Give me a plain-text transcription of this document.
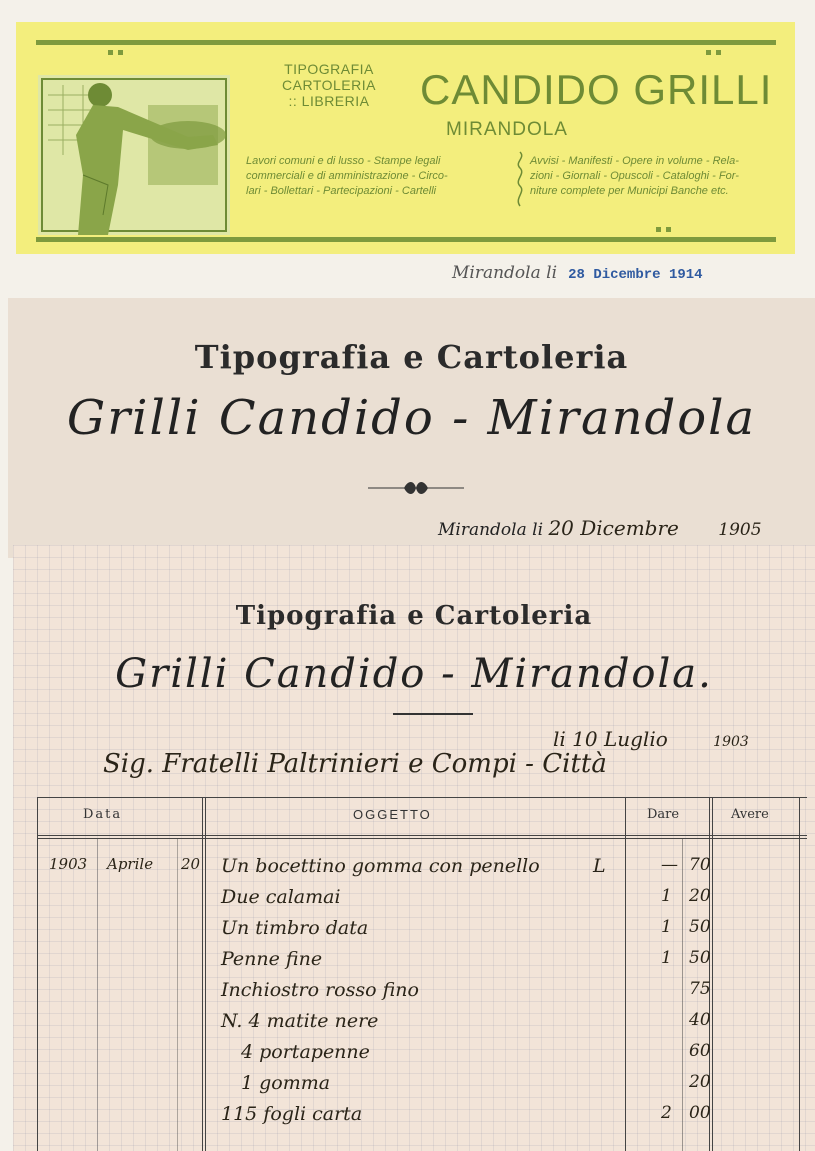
TIPOGRAFIA
CARTOLERIA
:: LIBRERIA	CANDIDO GRILLI
MIRANDOLA
Lavori comuni e di lusso - Stampe legali
commerciali e di amministrazione - Circo-
lari - Bollettari - Partecipazioni - Cartelli
Avvisi - Manifesti - Opere in volume - Rela-
zioni - Giornali - Opuscoli - Cataloghi - For-
niture complete per Municipi Banche etc.
Mirandola li 28 Dicembre 1914
Tipografia e Cartoleria
Grilli Candido - Mirandola
Mirandola li 20 Dicembre 1905
Tipografia e Cartoleria
Grilli Candido - Mirandola.
li 10 Luglio	1903
Sig. Fratelli Paltrinieri e Compi - Città
Data	OGGETTO	Dare	Avere
1903 Aprile 20 Un bocettino gomma con penello	L	— 70
Due calamai	1 20
Un timbro data	1 50
Penne fine	1 50
Inchiostro rosso fino	75
N. 4 matite nere	40
4 portapenne	60
1 gomma	20
115 fogli carta	2 00
